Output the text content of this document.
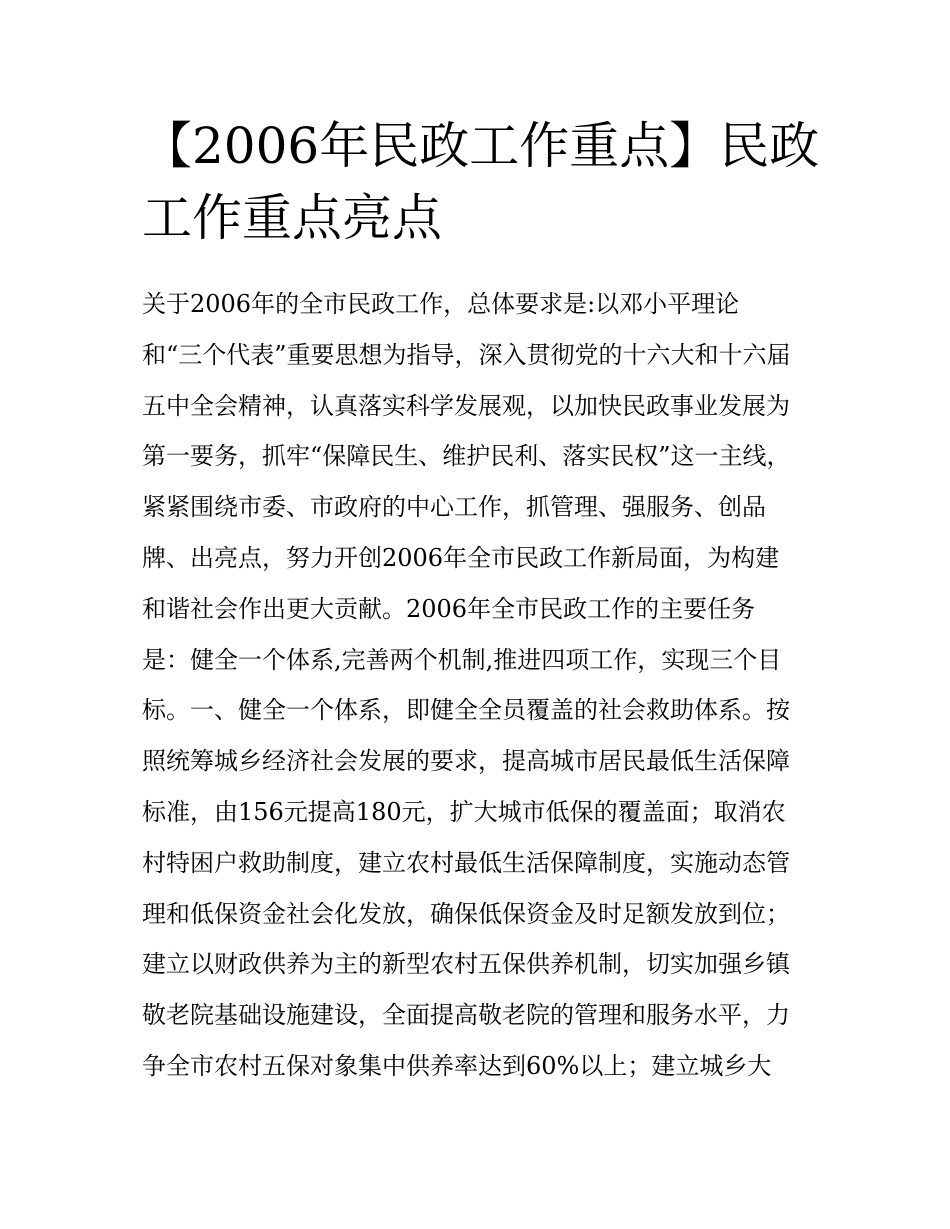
【2006年民政工作重点】民政
工作重点亮点
关于2006年的全市民政工作，总体要求是:以邓小平理论
和“三个代表”重要思想为指导，深入贯彻党的十六大和十六届
五中全会精神，认真落实科学发展观，以加快民政事业发展为
第一要务，抓牢“保障民生、维护民利、落实民权”这一主线，
紧紧围绕市委、市政府的中心工作，抓管理、强服务、创品
牌、出亮点，努力开创2006年全市民政工作新局面，为构建
和谐社会作出更大贡献。2006年全市民政工作的主要任务
是：健全一个体系,完善两个机制,推进四项工作，实现三个目
标。一、健全一个体系，即健全全员覆盖的社会救助体系。按
照统筹城乡经济社会发展的要求，提高城市居民最低生活保障
标准，由156元提高180元，扩大城市低保的覆盖面；取消农
村特困户救助制度，建立农村最低生活保障制度，实施动态管
理和低保资金社会化发放，确保低保资金及时足额发放到位；
建立以财政供养为主的新型农村五保供养机制，切实加强乡镇
敬老院基础设施建设，全面提高敬老院的管理和服务水平，力
争全市农村五保对象集中供养率达到60%以上；建立城乡大
